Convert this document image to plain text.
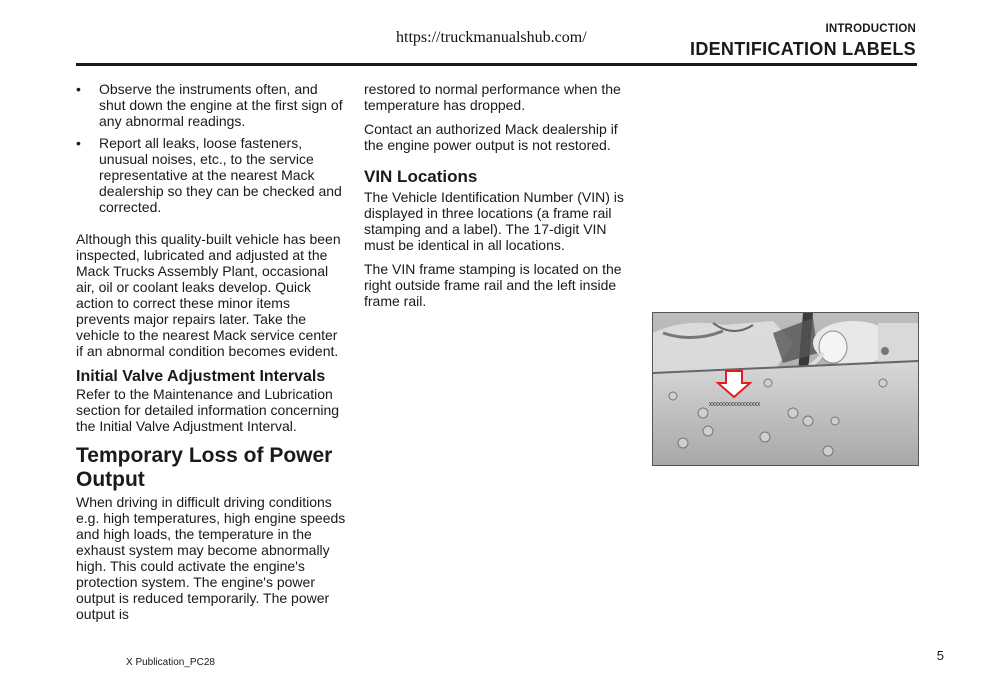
https://truckmanualshub.com/	INTRODUCTION
IDENTIFICATION LABELS
• Observe the instruments often, and shut down the engine at the first sign of any abnormal readings.
• Report all leaks, loose fasteners, unusual noises, etc., to the service representative at the nearest Mack dealership so they can be checked and corrected.

Although this quality-built vehicle has been inspected, lubricated and adjusted at the Mack Trucks Assembly Plant, occasional air, oil or coolant leaks develop. Quick action to correct these minor items prevents major repairs later. Take the vehicle to the nearest Mack service center if an abnormal condition becomes evident.

Initial Valve Adjustment Intervals

Refer to the Maintenance and Lubrication section for detailed information concerning the Initial Valve Adjustment Interval.

Temporary Loss of Power Output

When driving in difficult driving conditions e.g. high temperatures, high engine speeds and high loads, the temperature in the exhaust system may become abnormally high. This could activate the engine's protection system. The engine's power output is reduced temporarily. The power output is

restored to normal performance when the temperature has dropped.

Contact an authorized Mack dealership if the engine power output is not restored.

VIN Locations

The Vehicle Identification Number (VIN) is displayed in three locations (a frame rail stamping and a label). The 17-digit VIN must be identical in all locations.

The VIN frame stamping is located on the right outside frame rail and the left inside frame rail.

XXXXXXXXXXXXXXXXX
X Publication_PC28	5
